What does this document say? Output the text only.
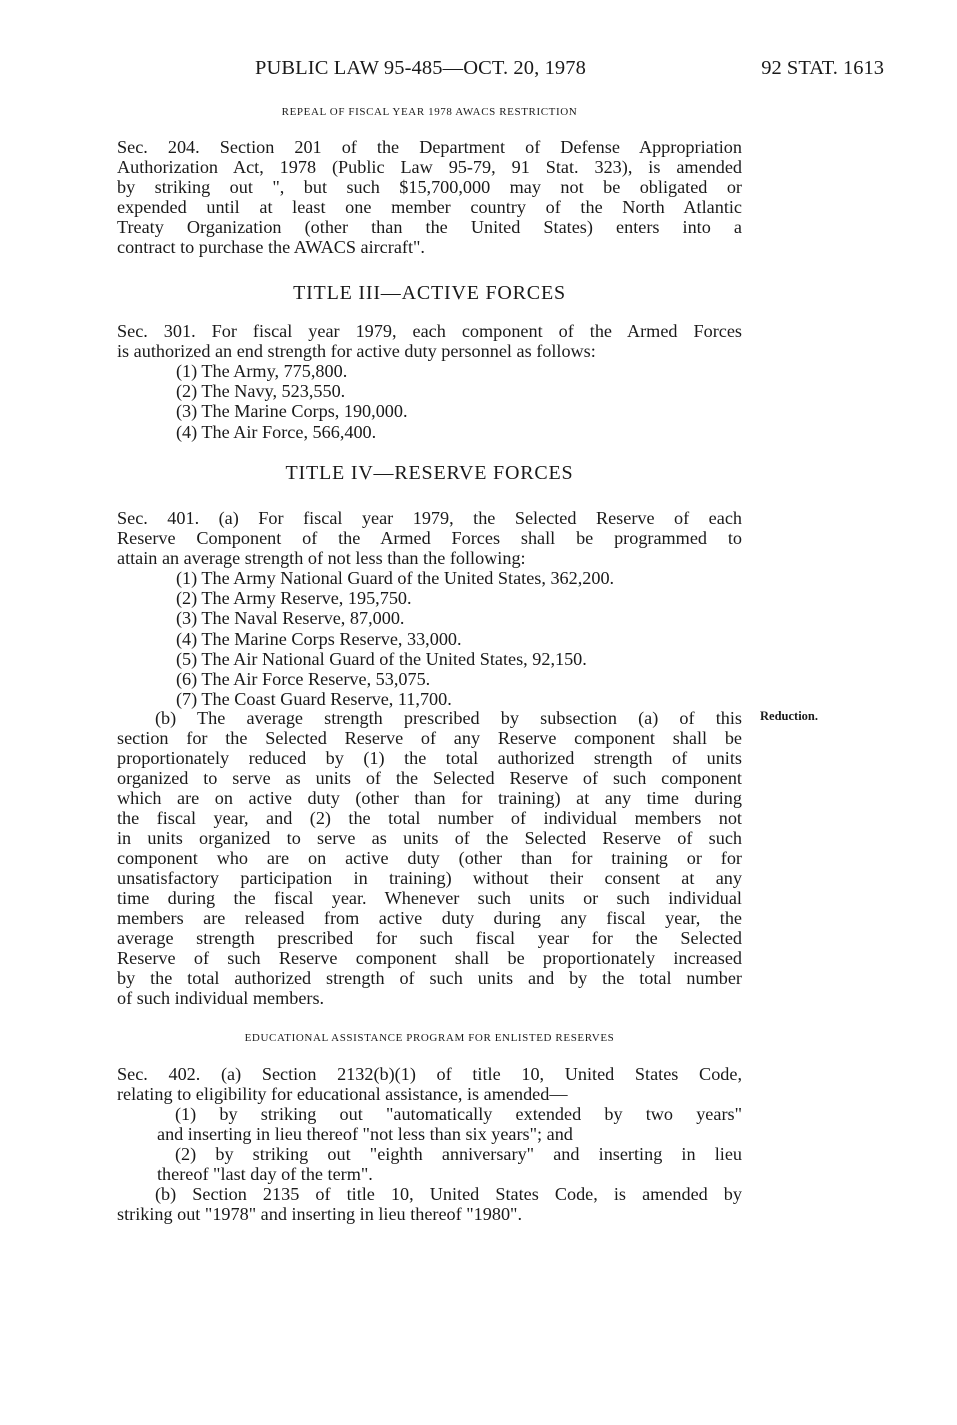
PUBLIC LAW 95-485—OCT. 20, 1978	92 STAT. 1613
REPEAL OF FISCAL YEAR 1978 AWACS RESTRICTION
Sec. 204. Section 201 of the Department of Defense Appropriation
Authorization Act, 1978 (Public Law 95-79, 91 Stat. 323), is amended
by striking out ", but such $15,700,000 may not be obligated or
expended until at least one member country of the North Atlantic
Treaty Organization (other than the United States) enters into a
contract to purchase the AWACS aircraft".
TITLE III—ACTIVE FORCES
Sec. 301. For fiscal year 1979, each component of the Armed Forces
is authorized an end strength for active duty personnel as follows:
(1) The Army, 775,800.
(2) The Navy, 523,550.
(3) The Marine Corps, 190,000.
(4) The Air Force, 566,400.
TITLE IV—RESERVE FORCES
Sec. 401. (a) For fiscal year 1979, the Selected Reserve of each
Reserve Component of the Armed Forces shall be programmed to
attain an average strength of not less than the following:
(1) The Army National Guard of the United States, 362,200.
(2) The Army Reserve, 195,750.
(3) The Naval Reserve, 87,000.
(4) The Marine Corps Reserve, 33,000.
(5) The Air National Guard of the United States, 92,150.
(6) The Air Force Reserve, 53,075.
(7) The Coast Guard Reserve, 11,700.
Reduction.
(b) The average strength prescribed by subsection (a) of this
section for the Selected Reserve of any Reserve component shall be
proportionately reduced by (1) the total authorized strength of units
organized to serve as units of the Selected Reserve of such component
which are on active duty (other than for training) at any time during
the fiscal year, and (2) the total number of individual members not
in units organized to serve as units of the Selected Reserve of such
component who are on active duty (other than for training or for
unsatisfactory participation in training) without their consent at any
time during the fiscal year. Whenever such units or such individual
members are released from active duty during any fiscal year, the
average strength prescribed for such fiscal year for the Selected
Reserve of such Reserve component shall be proportionately increased
by the total authorized strength of such units and by the total number
of such individual members.
EDUCATIONAL ASSISTANCE PROGRAM FOR ENLISTED RESERVES
Sec. 402. (a) Section 2132(b)(1) of title 10, United States Code,
relating to eligibility for educational assistance, is amended—
(1) by striking out "automatically extended by two years"
and inserting in lieu thereof "not less than six years"; and
(2) by striking out "eighth anniversary" and inserting in lieu
thereof "last day of the term".
(b) Section 2135 of title 10, United States Code, is amended by
striking out "1978" and inserting in lieu thereof "1980".
